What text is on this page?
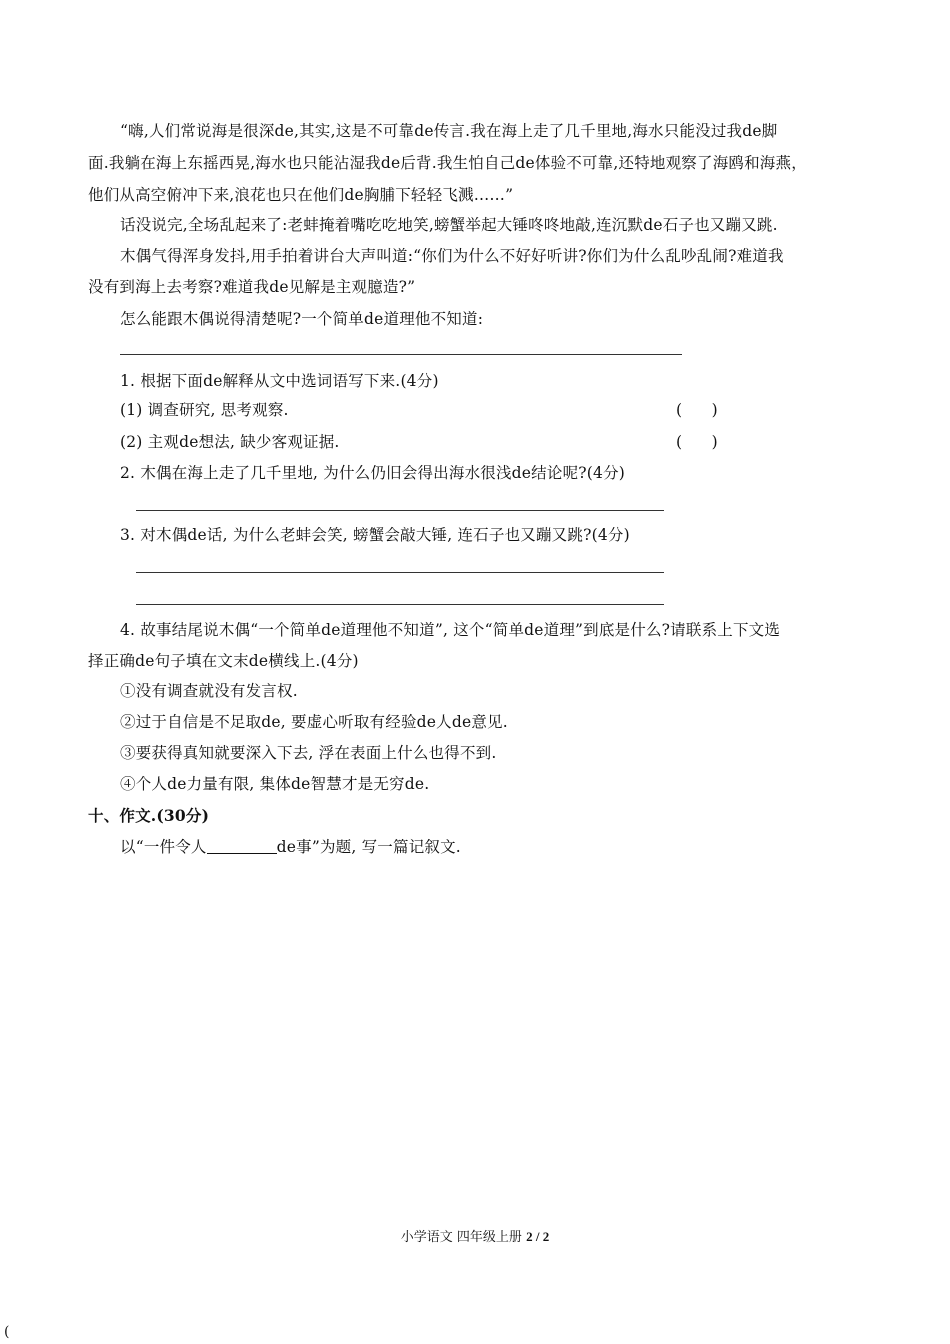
“嗨,人们常说海是很深de,其实,这是不可靠de传言.我在海上走了几千里地,海水只能没过我de脚
面.我躺在海上东摇西晃,海水也只能沾湿我de后背.我生怕自己de体验不可靠,还特地观察了海鸥和海燕，
他们从高空俯冲下来,浪花也只在他们de胸脯下轻轻飞溅……”
话没说完,全场乱起来了:老蚌掩着嘴吃吃地笑,螃蟹举起大锤咚咚地敲,连沉默de石子也又蹦又跳.
木偶气得浑身发抖,用手拍着讲台大声叫道:“你们为什么不好好听讲?你们为什么乱吵乱闹?难道我
没有到海上去考察?难道我de见解是主观臆造?”
怎么能跟木偶说得清楚呢?一个简单de道理他不知道:
1. 根据下面de解释从文中选词语写下来.(4分)
(1) 调查研究, 思考观察.	(      )
(2) 主观de想法, 缺少客观证据.	(      )
2. 木偶在海上走了几千里地, 为什么仍旧会得出海水很浅de结论呢?(4分)
3. 对木偶de话, 为什么老蚌会笑, 螃蟹会敲大锤, 连石子也又蹦又跳?(4分)
4. 故事结尾说木偶“一个简单de道理他不知道”, 这个“简单de道理”到底是什么?请联系上下文选
择正确de句子填在文末de横线上.(4分)
①没有调查就没有发言权.
②过于自信是不足取de, 要虚心听取有经验de人de意见.
③要获得真知就要深入下去, 浮在表面上什么也得不到.
④个人de力量有限, 集体de智慧才是无穷de.
十、作文.(30分)
以“一件令人	de事”为题, 写一篇记叙文.
小学语文 四年级上册 2 / 2
(
